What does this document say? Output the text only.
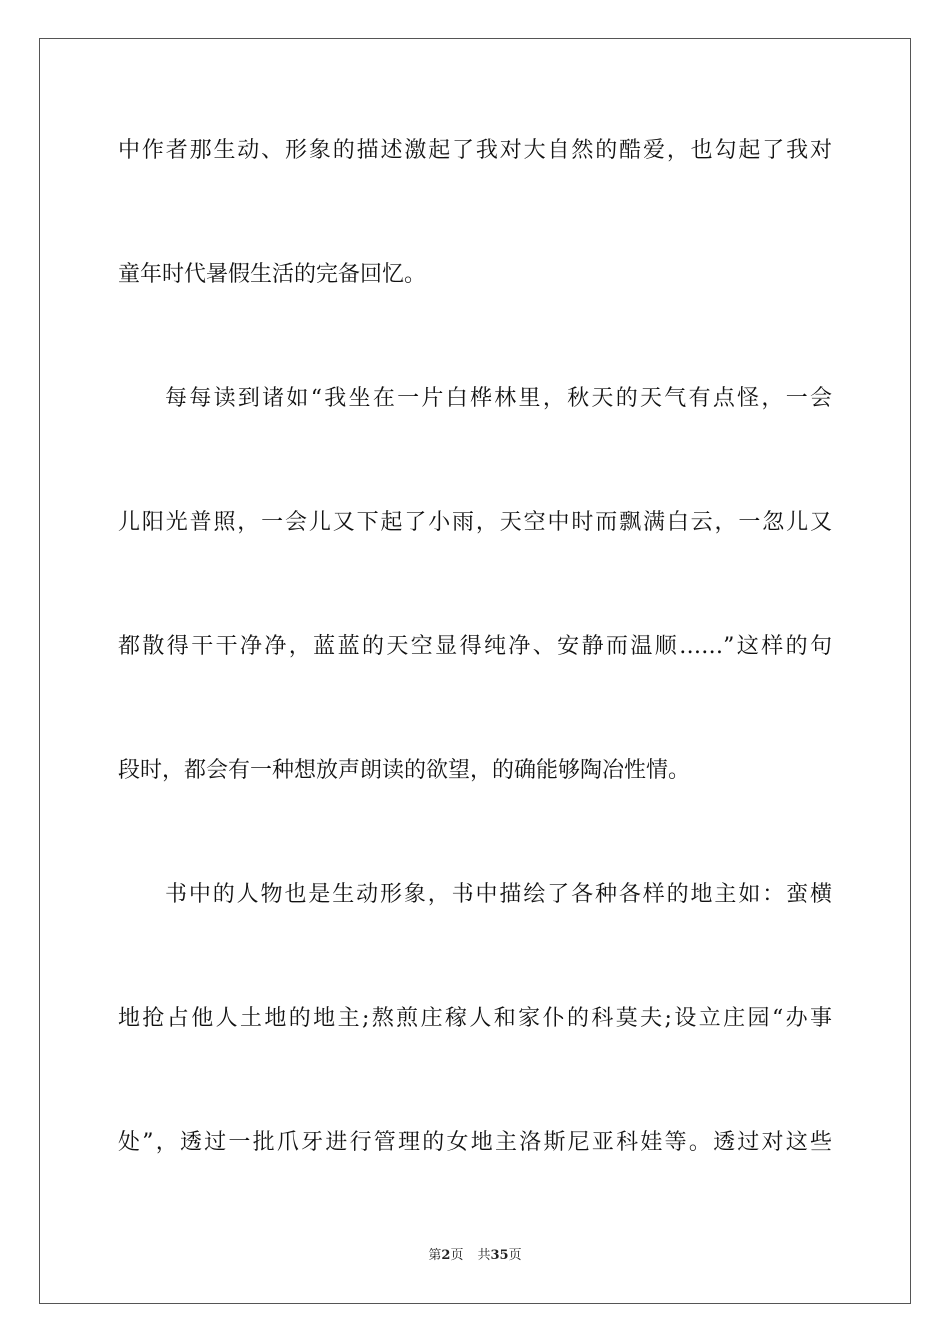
中作者那生动、形象的描述激起了我对大自然的酷爱，也勾起了我对
童年时代暑假生活的完备回忆。
每每读到诸如“我坐在一片白桦林里，秋天的天气有点怪，一会
儿阳光普照，一会儿又下起了小雨，天空中时而飘满白云，一忽儿又
都散得干干净净，蓝蓝的天空显得纯净、安静而温顺……”这样的句
段时，都会有一种想放声朗读的欲望，的确能够陶冶性情。
书中的人物也是生动形象，书中描绘了各种各样的地主如：蛮横
地抢占他人土地的地主;熬煎庄稼人和家仆的科莫夫;设立庄园“办事
处”，透过一批爪牙进行管理的女地主洛斯尼亚科娃等。透过对这些
第2页 共35页
